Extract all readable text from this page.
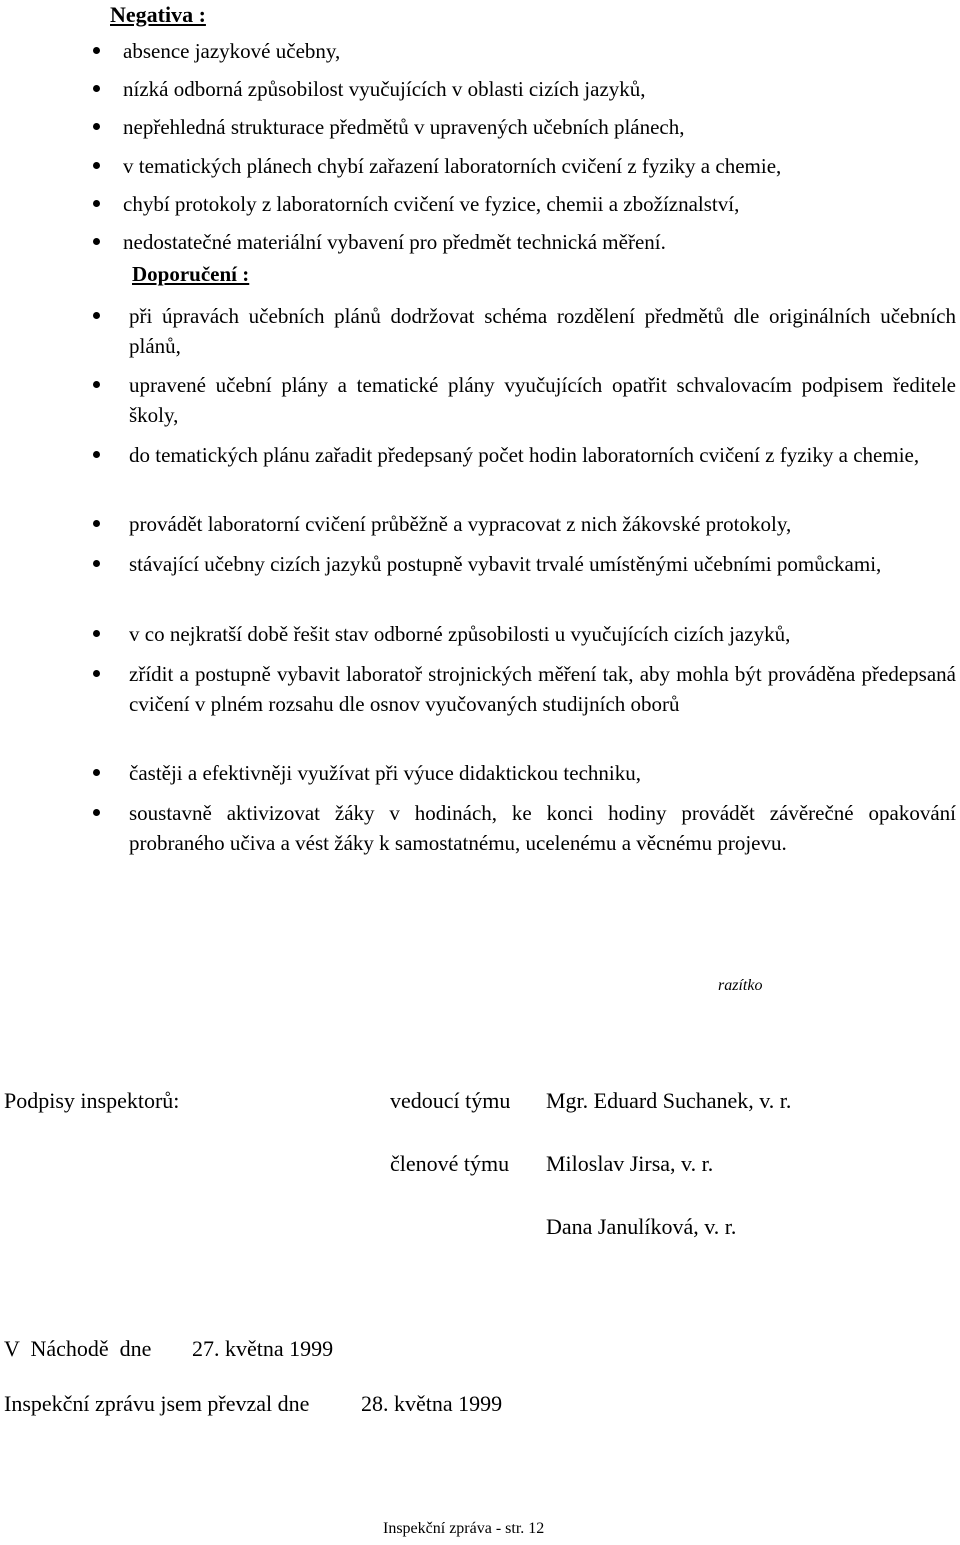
Negativa :
absence jazykové učebny,
nízká odborná způsobilost vyučujících v oblasti cizích jazyků,
nepřehledná strukturace předmětů v upravených učebních plánech,
v tematických plánech chybí zařazení laboratorních cvičení z fyziky a chemie,
chybí protokoly z laboratorních cvičení ve fyzice, chemii a zbožíznalství,
nedostatečné materiální vybavení pro předmět technická měření.
Doporučení :
při úpravách učebních plánů dodržovat schéma rozdělení předmětů dle originálních učebních plánů,
upravené učební plány a tematické plány vyučujících opatřit schvalovacím podpisem ředitele školy,
do tematických plánu zařadit předepsaný počet hodin laboratorních cvičení z fyziky a chemie,
provádět laboratorní cvičení průběžně a vypracovat z nich žákovské protokoly,
stávající učebny cizích jazyků postupně vybavit trvalé umístěnými učebními pomůckami,
v co nejkratší době řešit stav odborné způsobilosti u vyučujících cizích jazyků,
zřídit a postupně vybavit laboratoř strojnických měření tak, aby mohla být prováděna předepsaná cvičení v plném rozsahu dle osnov vyučovaných studijních oborů
častěji a efektivněji využívat při výuce didaktickou techniku,
soustavně aktivizovat žáky v hodinách, ke konci hodiny provádět závěrečné opakování probraného učiva a vést žáky k samostatnému, ucelenému a věcnému projevu.
razítko
Podpisy inspektorů:	vedoucí týmu Mgr. Eduard Suchanek, v. r.
členové týmu Miloslav Jirsa, v. r.
Dana Janulíková, v. r.
V  Náchodě  dne 27. května 1999
Inspekční zprávu jsem převzal dne 28. května 1999
Inspekční zpráva - str. 12
